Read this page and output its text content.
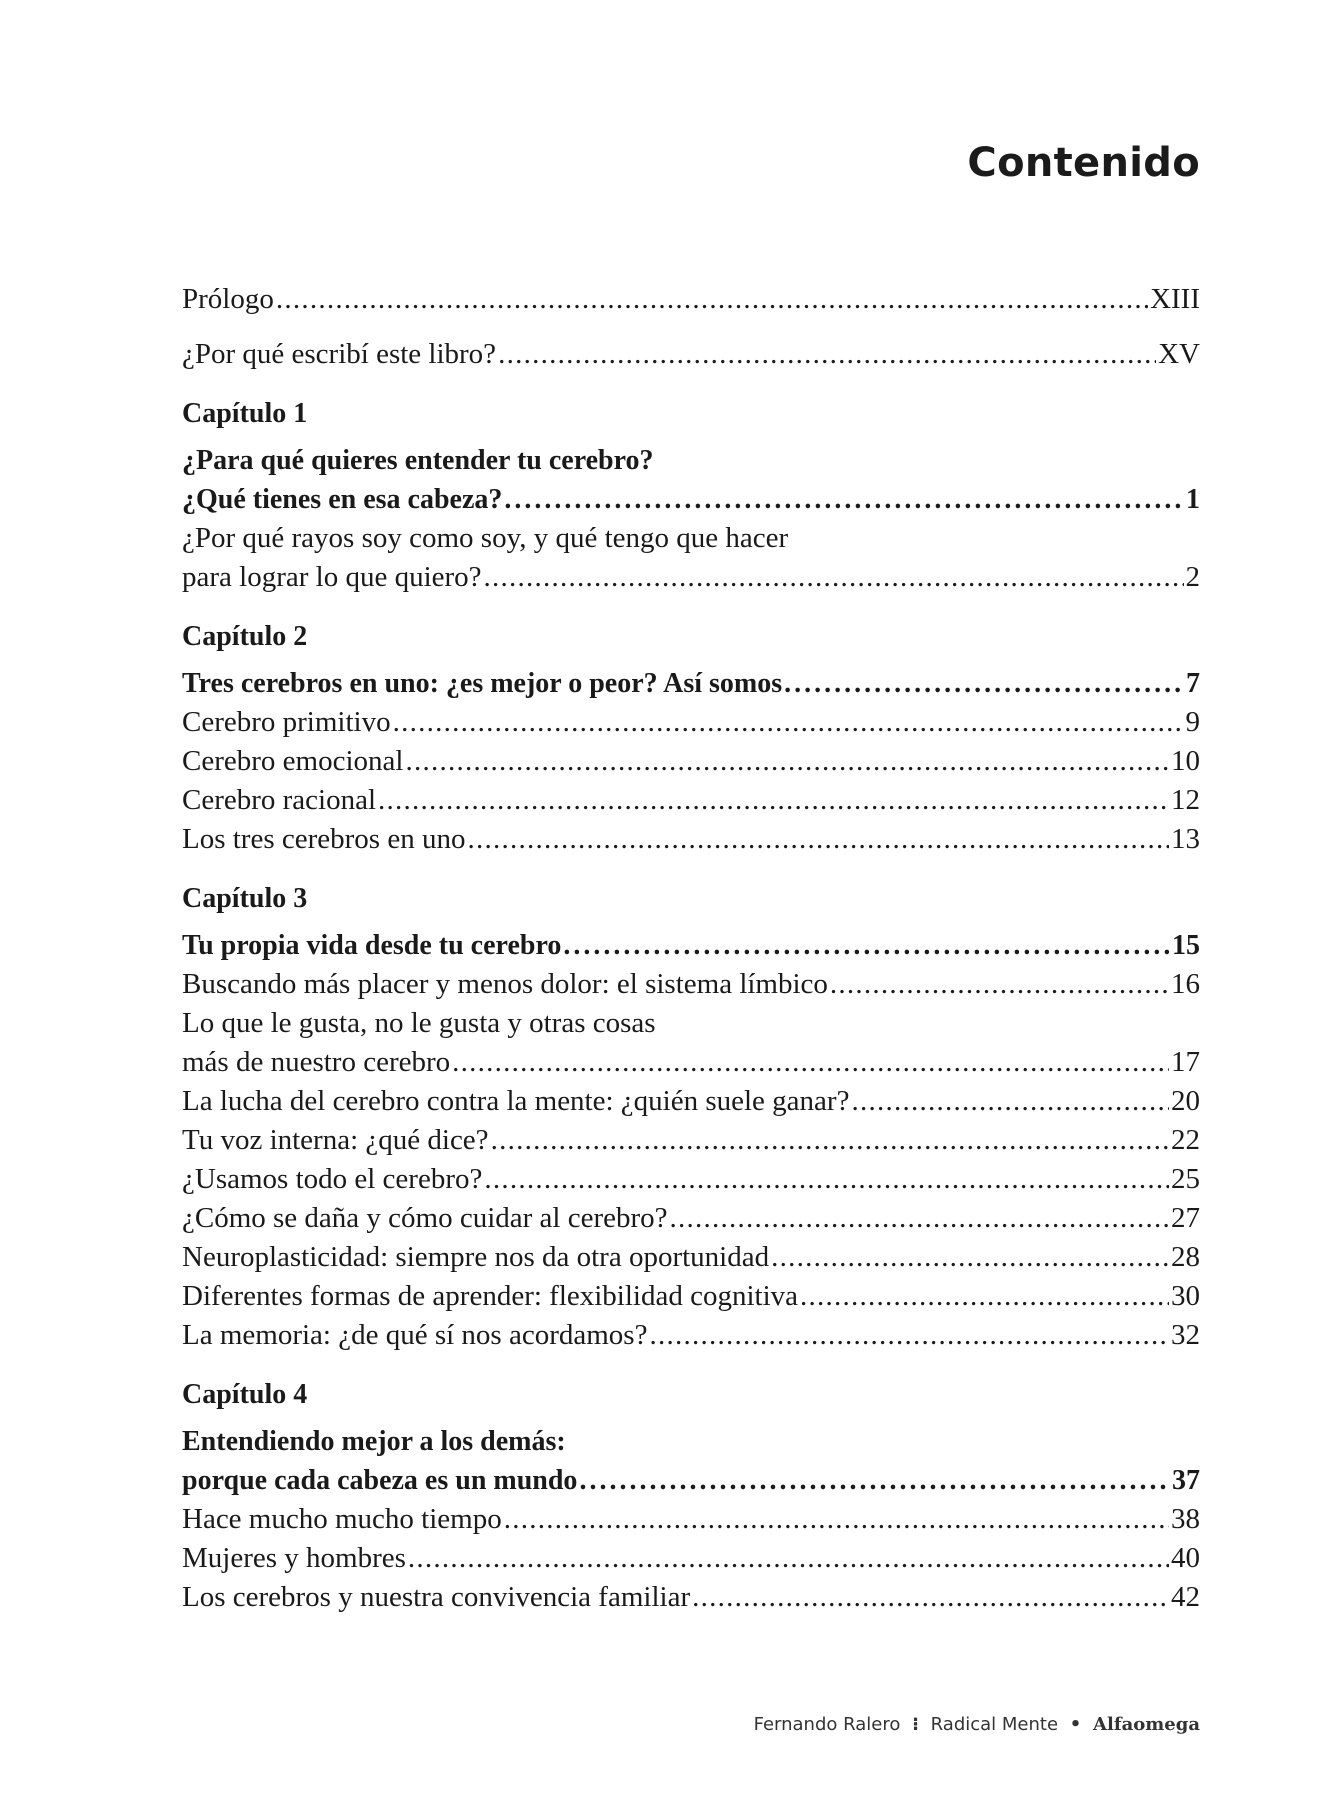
Contenido
Prólogo . . .	XIII
¿Por qué escribí este libro? . . .	XV
Capítulo 1
¿Para qué quieres entender tu cerebro?
¿Qué tienes en esa cabeza? . . .	1
¿Por qué rayos soy como soy, y qué tengo que hacer
para lograr lo que quiero? . . .	2
Capítulo 2
Tres cerebros en uno: ¿es mejor o peor? Así somos . . .	7
Cerebro primitivo . . .	9
Cerebro emocional . . .	10
Cerebro racional . . .	12
Los tres cerebros en uno . . .	13
Capítulo 3
Tu propia vida desde tu cerebro . . .	15
Buscando más placer y menos dolor: el sistema límbico . . .	16
Lo que le gusta, no le gusta y otras cosas
más de nuestro cerebro . . .	17
La lucha del cerebro contra la mente: ¿quién suele ganar? . . .	20
Tu voz interna: ¿qué dice? . . .	22
¿Usamos todo el cerebro? . . .	25
¿Cómo se daña y cómo cuidar al cerebro? . . .	27
Neuroplasticidad: siempre nos da otra oportunidad . . .	28
Diferentes formas de aprender: flexibilidad cognitiva . . .	30
La memoria: ¿de qué sí nos acordamos? . . .	32
Capítulo 4
Entendiendo mejor a los demás:
porque cada cabeza es un mundo . . .	37
Hace mucho mucho tiempo . . .	38
Mujeres y hombres . . .	40
Los cerebros y nuestra convivencia familiar . . .	42
Fernando Ralero ⁝ Radical Mente • Alfaomega
